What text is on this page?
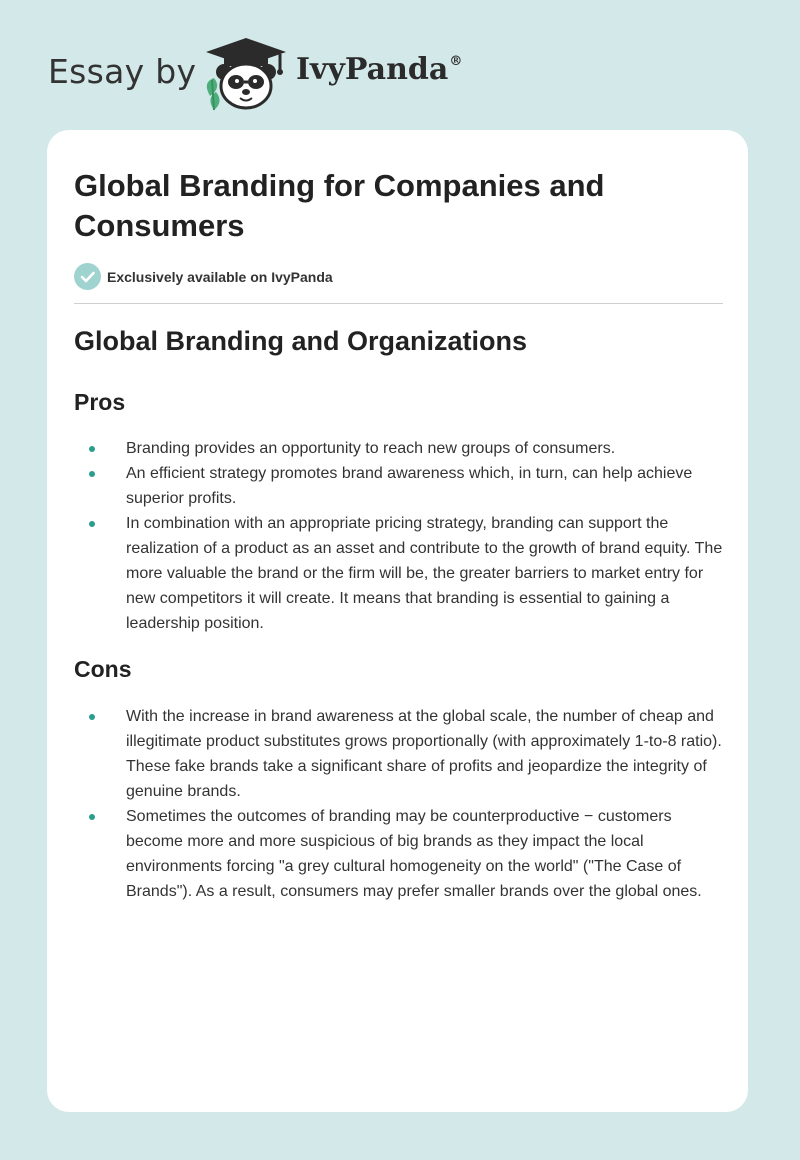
Essay by	IvyPanda®
Global Branding for Companies and Consumers
Exclusively available on IvyPanda
Global Branding and Organizations
Pros
Branding provides an opportunity to reach new groups of consumers.
An efficient strategy promotes brand awareness which, in turn, can help achieve superior profits.
In combination with an appropriate pricing strategy, branding can support the realization of a product as an asset and contribute to the growth of brand equity. The more valuable the brand or the firm will be, the greater barriers to market entry for new competitors it will create. It means that branding is essential to gaining a leadership position.
Cons
With the increase in brand awareness at the global scale, the number of cheap and illegitimate product substitutes grows proportionally (with approximately 1-to-8 ratio). These fake brands take a significant share of profits and jeopardize the integrity of genuine brands.
Sometimes the outcomes of branding may be counterproductive − customers become more and more suspicious of big brands as they impact the local environments forcing "a grey cultural homogeneity on the world" ("The Case of Brands"). As a result, consumers may prefer smaller brands over the global ones.
